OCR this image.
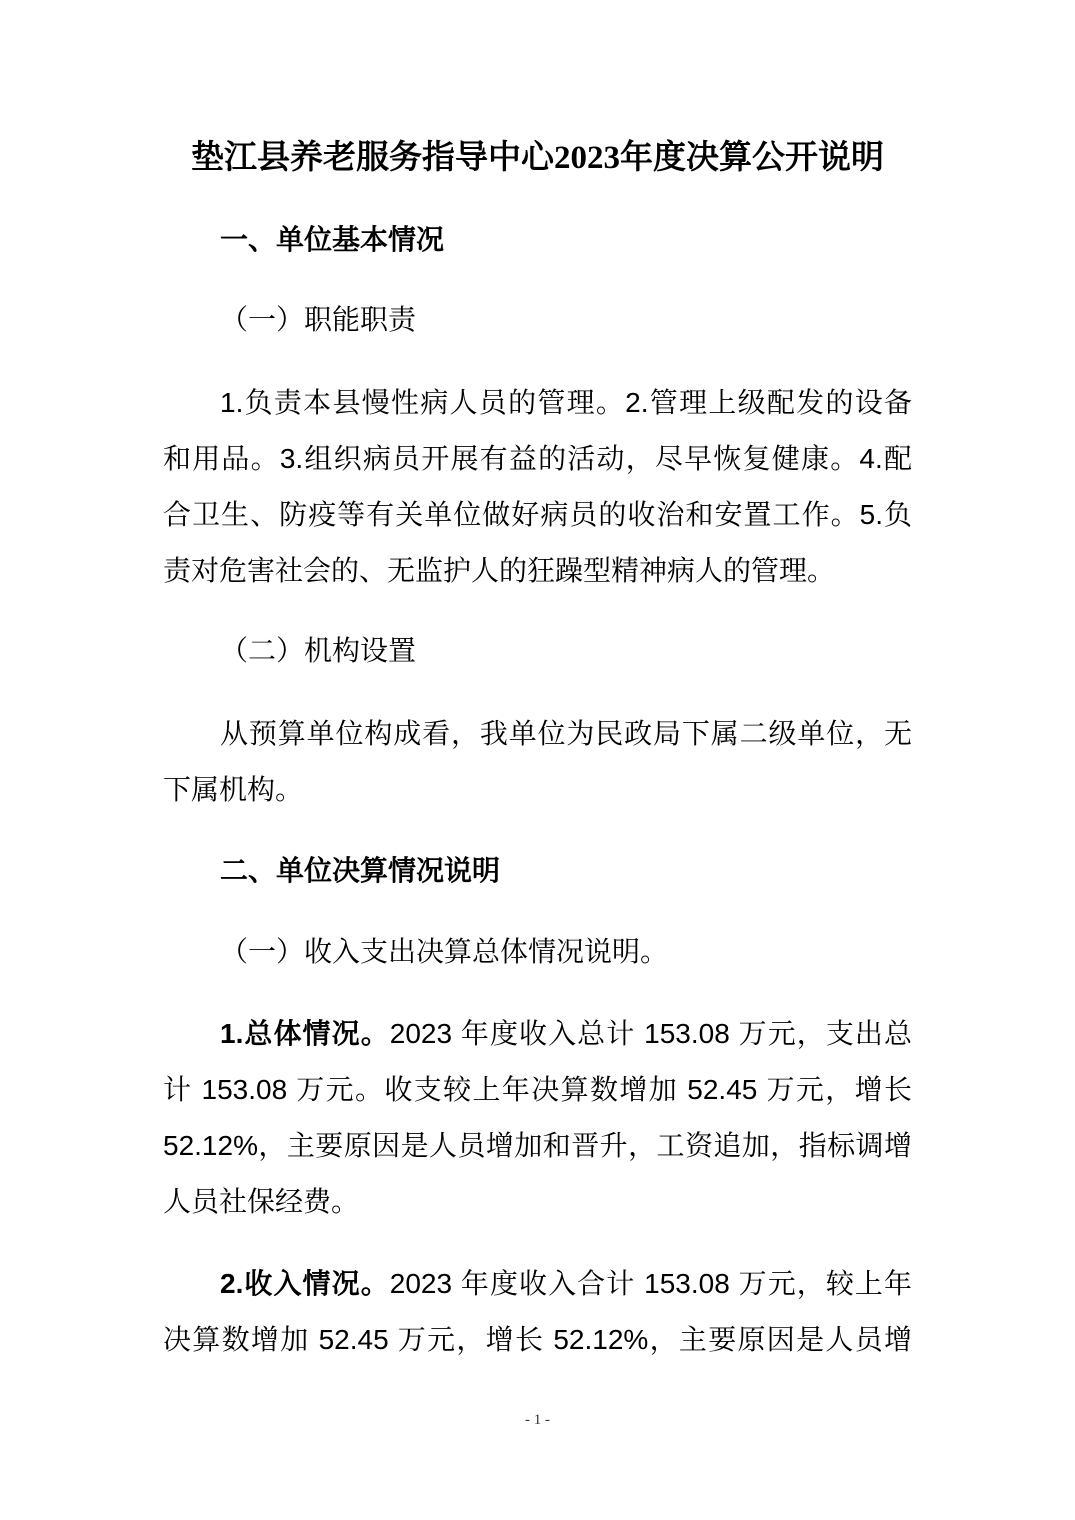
垫江县养老服务指导中心2023年度决算公开说明
一、单位基本情况
（一）职能职责
1.负责本县慢性病人员的管理。2.管理上级配发的设备
和用品。3.组织病员开展有益的活动，尽早恢复健康。4.配
合卫生、防疫等有关单位做好病员的收治和安置工作。5.负
责对危害社会的、无监护人的狂躁型精神病人的管理。
（二）机构设置
从预算单位构成看，我单位为民政局下属二级单位，无
下属机构。
二、单位决算情况说明
（一）收入支出决算总体情况说明。
1.总体情况。2023 年度收入总计 153.08 万元，支出总
计 153.08 万元。收支较上年决算数增加 52.45 万元，增长
52.12%，主要原因是人员增加和晋升，工资追加，指标调增
人员社保经费。
2.收入情况。2023 年度收入合计 153.08 万元，较上年
决算数增加 52.45 万元，增长 52.12%，主要原因是人员增
- 1 -
